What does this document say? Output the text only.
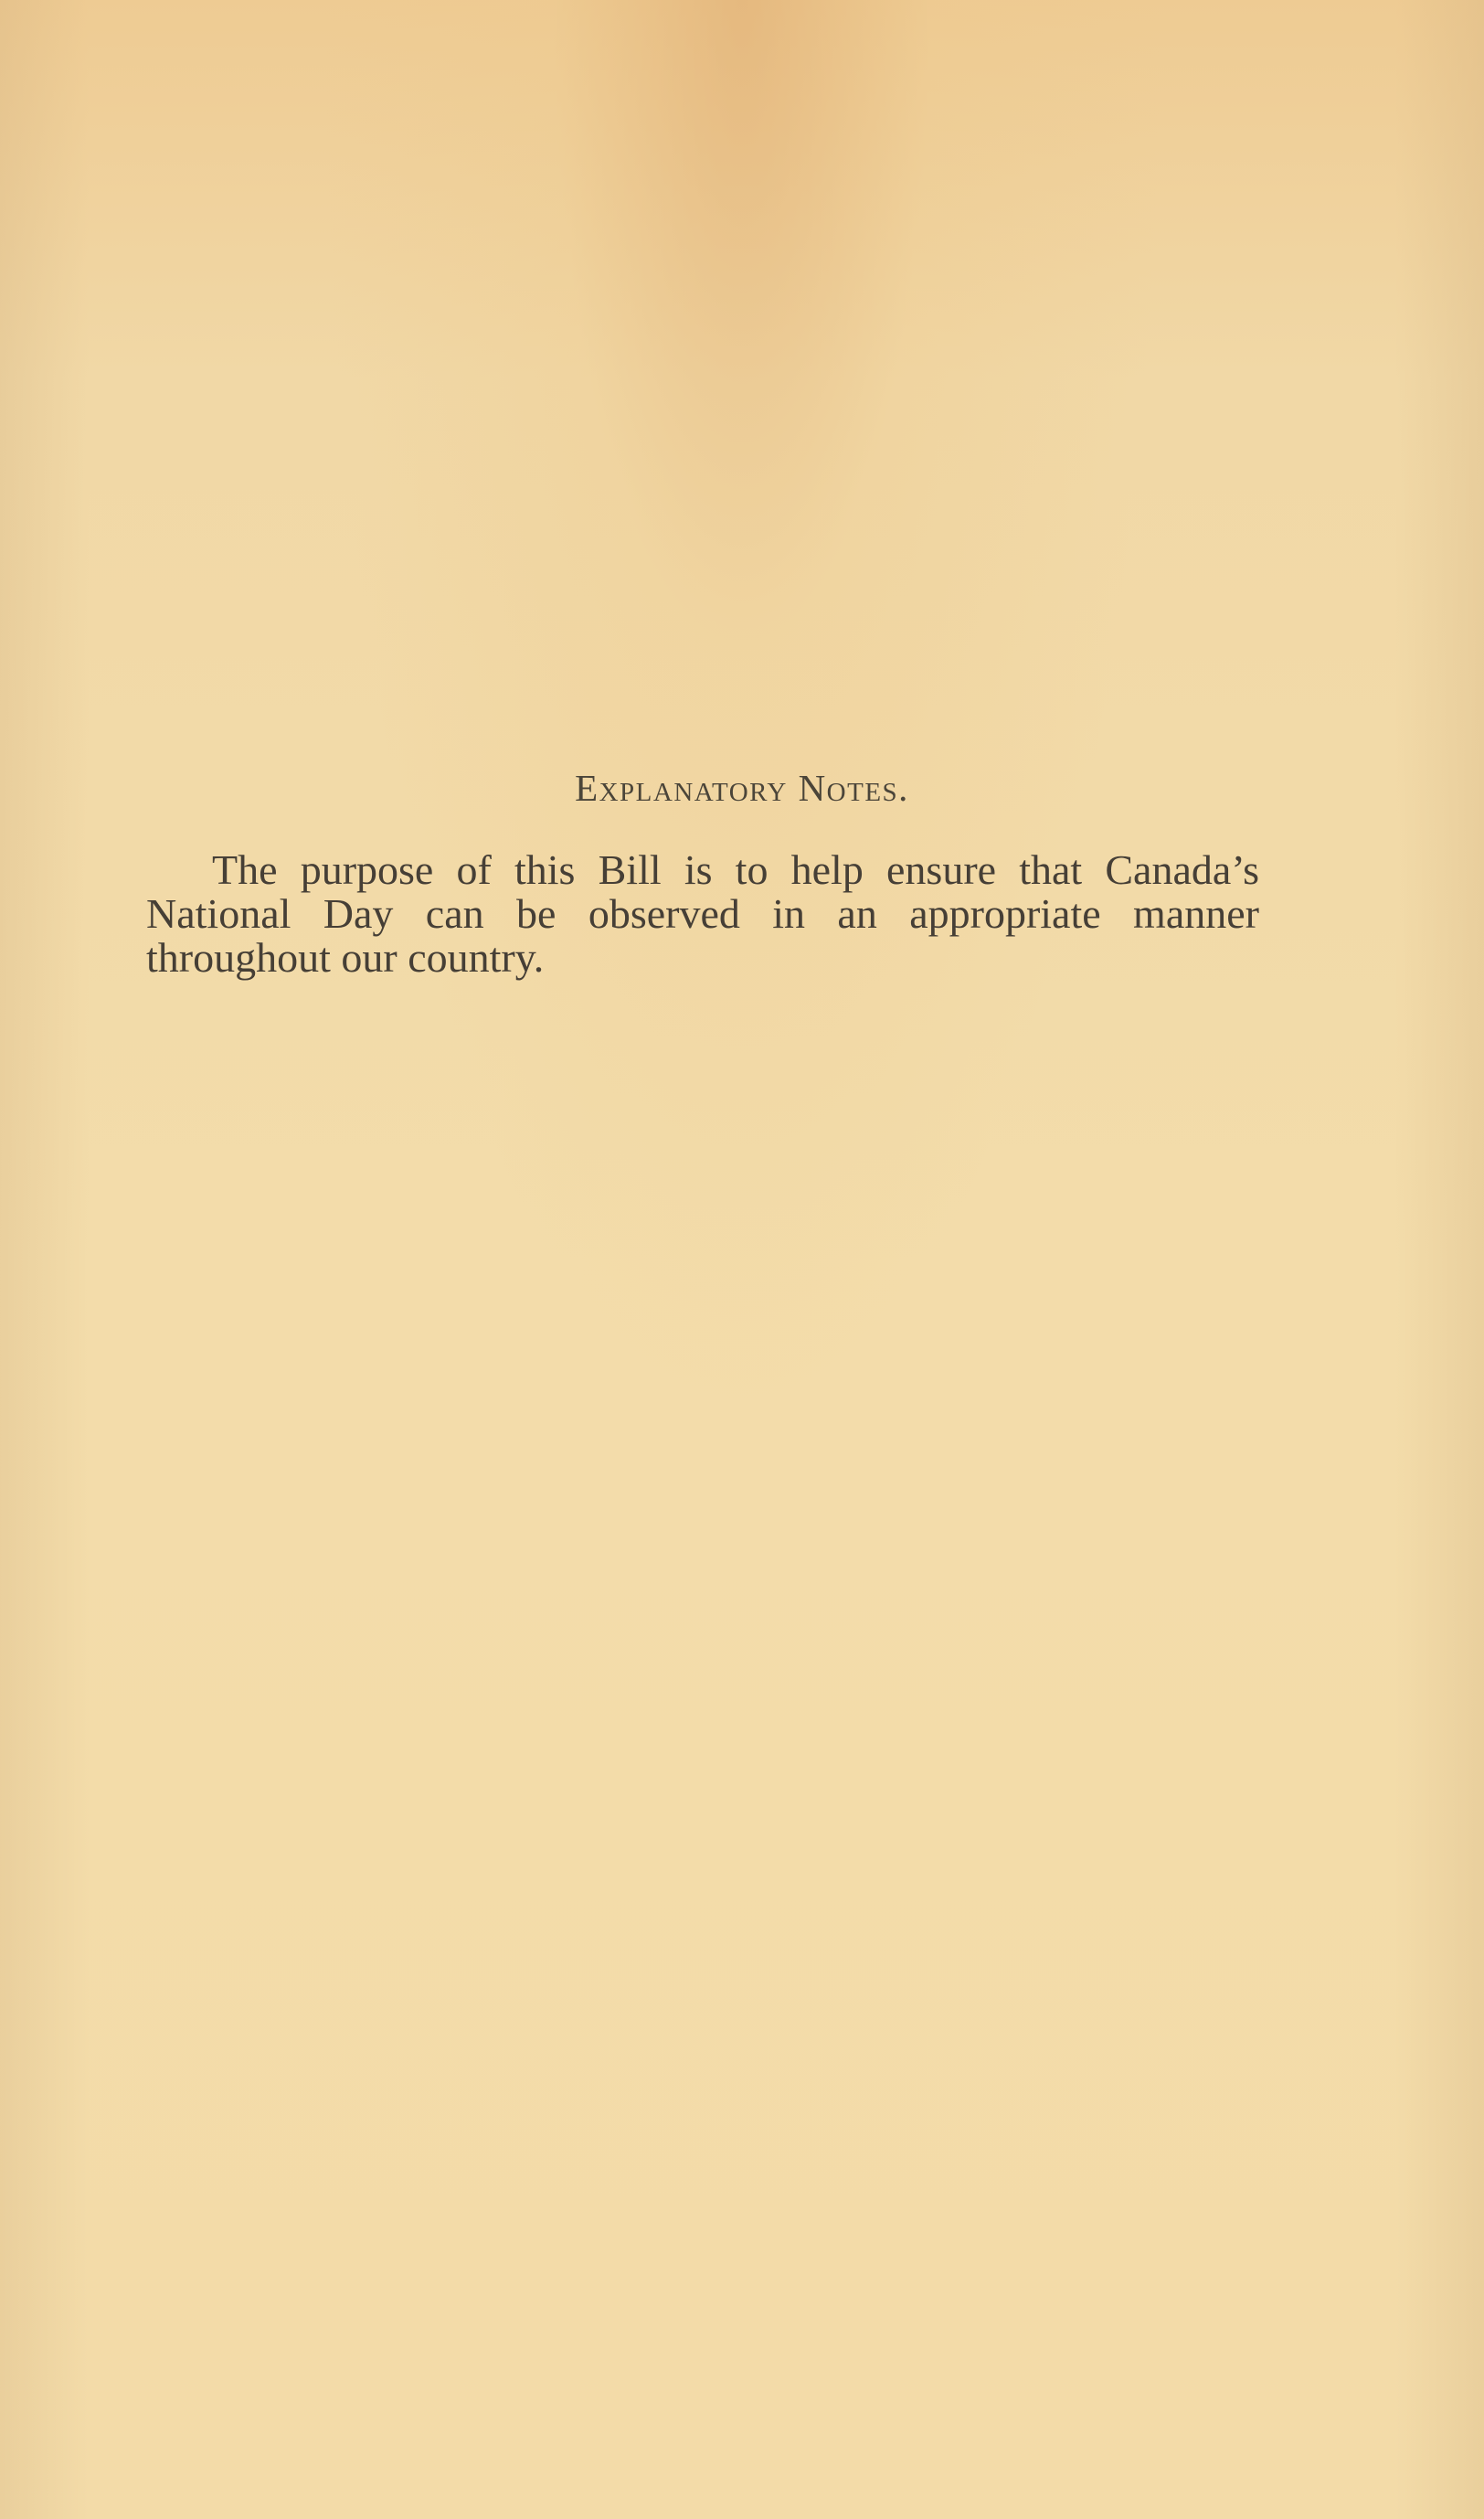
Explanatory Notes.
The purpose of this Bill is to help ensure that Canada’s National Day can be observed in an appropriate manner throughout our country.
